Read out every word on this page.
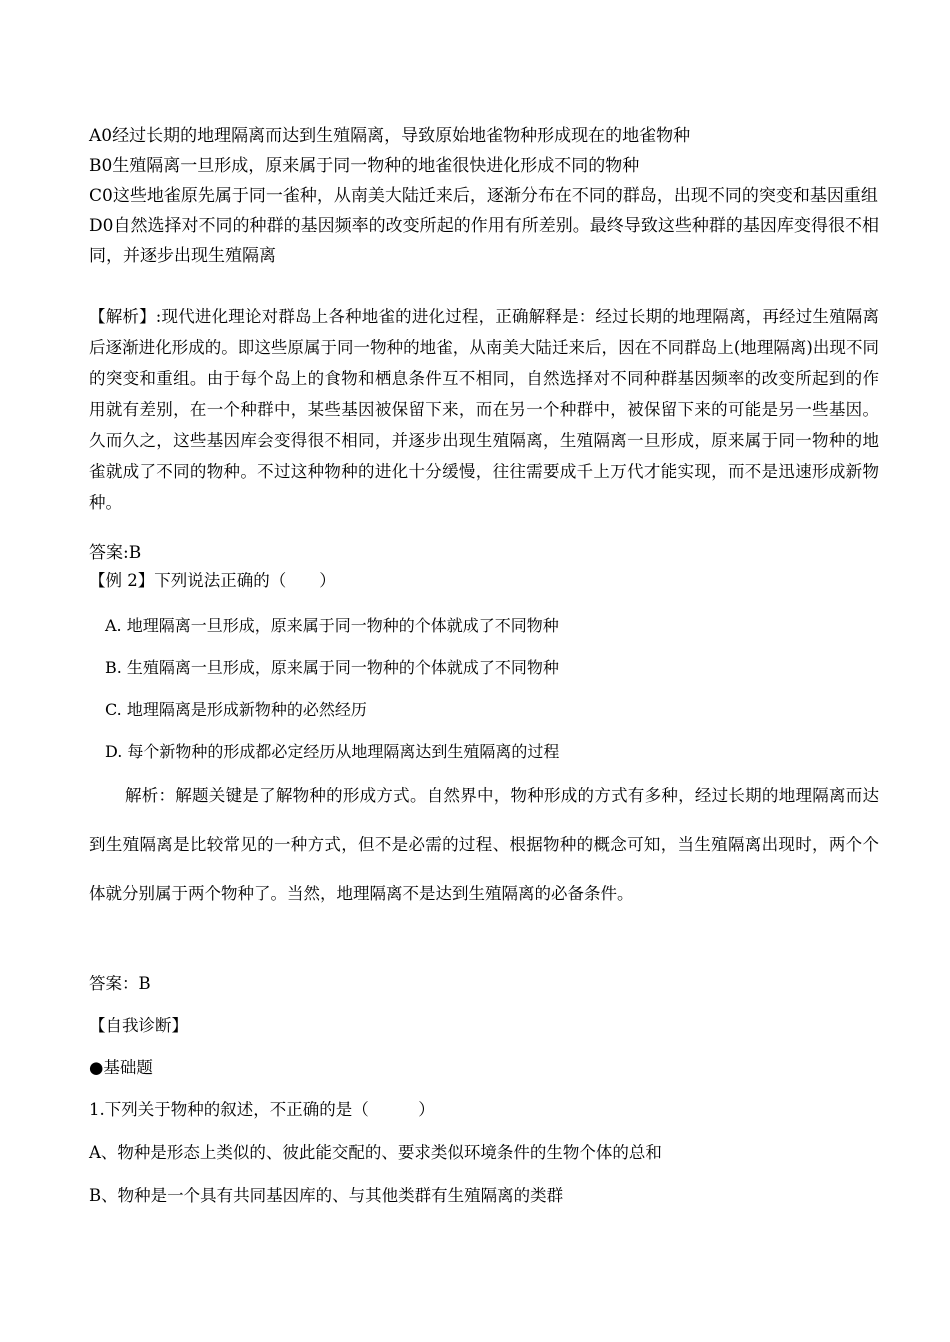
A0经过长期的地理隔离而达到生殖隔离，导致原始地雀物种形成现在的地雀物种
B0生殖隔离一旦形成，原来属于同一物种的地雀很快进化形成不同的物种
C0这些地雀原先属于同一雀种，从南美大陆迁来后，逐渐分布在不同的群岛，出现不同的突变和基因重组
D0自然选择对不同的种群的基因频率的改变所起的作用有所差别。最终导致这些种群的基因库变得很不相同，并逐步出现生殖隔离

【解析】:现代进化理论对群岛上各种地雀的进化过程，正确解释是：经过长期的地理隔离，再经过生殖隔离后逐渐进化形成的。即这些原属于同一物种的地雀，从南美大陆迁来后，因在不同群岛上(地理隔离)出现不同的突变和重组。由于每个岛上的食物和栖息条件互不相同，自然选择对不同种群基因频率的改变所起到的作用就有差别，在一个种群中，某些基因被保留下来，而在另一个种群中，被保留下来的可能是另一些基因。久而久之，这些基因库会变得很不相同，并逐步出现生殖隔离，生殖隔离一旦形成，原来属于同一物种的地雀就成了不同的物种。不过这种物种的进化十分缓慢，往往需要成千上万代才能实现，而不是迅速形成新物种。

答案:B
【例 2】下列说法正确的（　　）
A. 地理隔离一旦形成，原来属于同一物种的个体就成了不同物种
B. 生殖隔离一旦形成，原来属于同一物种的个体就成了不同物种
C. 地理隔离是形成新物种的必然经历
D. 每个新物种的形成都必定经历从地理隔离达到生殖隔离的过程

解析：解题关键是了解物种的形成方式。自然界中，物种形成的方式有多种，经过长期的地理隔离而达到生殖隔离是比较常见的一种方式，但不是必需的过程、根据物种的概念可知，当生殖隔离出现时，两个个体就分别属于两个物种了。当然，地理隔离不是达到生殖隔离的必备条件。

答案：B
【自我诊断】
●基础题
1.下列关于物种的叙述，不正确的是（　　　）
A、物种是形态上类似的、彼此能交配的、要求类似环境条件的生物个体的总和
B、物种是一个具有共同基因库的、与其他类群有生殖隔离的类群
